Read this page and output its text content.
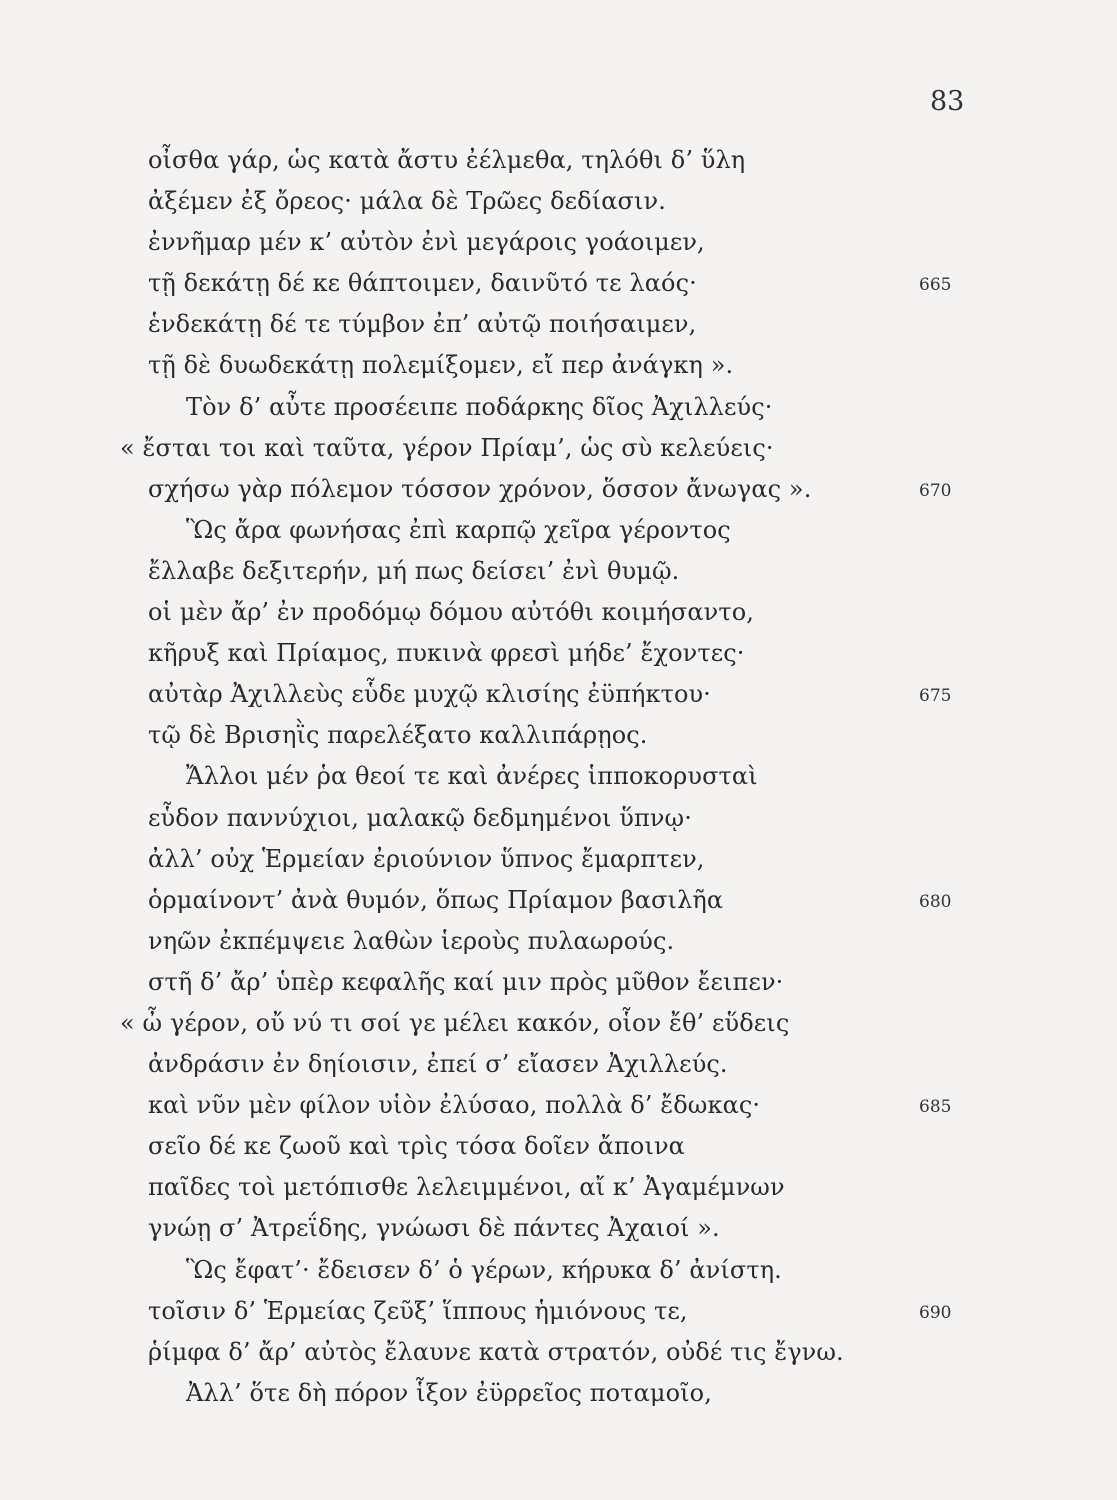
83
οἶσθα γάρ, ὡς κατὰ ἄστυ ἐέλμεθα, τηλόθι δ’ ὕλη
ἀξέμεν ἐξ ὄρεος· μάλα δὲ Τρῶες δεδίασιν.
ἐννῆμαρ μέν κ’ αὐτὸν ἐνὶ μεγάροις γοάοιμεν,
τῇ δεκάτῃ δέ κε θάπτοιμεν, δαινῦτό τε λαός·	665
ἑνδεκάτῃ δέ τε τύμβον ἐπ’ αὐτῷ ποιήσαιμεν,
τῇ δὲ δυωδεκάτῃ πολεμίξομεν, εἴ περ ἀνάγκη ».
Τὸν δ’ αὖτε προσέειπε ποδάρκης δῖος Ἀχιλλεύς·
« ἔσται τοι καὶ ταῦτα, γέρον Πρίαμ’, ὡς σὺ κελεύεις·
σχήσω γὰρ πόλεμον τόσσον χρόνον, ὅσσον ἄνωγας ».	670
Ὣς ἄρα φωνήσας ἐπὶ καρπῷ χεῖρα γέροντος
ἔλλαβε δεξιτερήν, μή πως δείσει’ ἐνὶ θυμῷ.
οἱ μὲν ἄρ’ ἐν προδόμῳ δόμου αὐτόθι κοιμήσαντο,
κῆρυξ καὶ Πρίαμος, πυκινὰ φρεσὶ μήδε’ ἔχοντες·
αὐτὰρ Ἀχιλλεὺς εὗδε μυχῷ κλισίης ἐϋπήκτου·	675
τῷ δὲ Βρισηῒς παρελέξατο καλλιπάρῃος.
Ἄλλοι μέν ῥα θεοί τε καὶ ἀνέρες ἱπποκορυσταὶ
εὗδον παννύχιοι, μαλακῷ δεδμημένοι ὕπνῳ·
ἀλλ’ οὐχ Ἑρμείαν ἐριούνιον ὕπνος ἔμαρπτεν,
ὁρμαίνοντ’ ἀνὰ θυμόν, ὅπως Πρίαμον βασιλῆα	680
νηῶν ἐκπέμψειε λαθὼν ἱεροὺς πυλαωρούς.
στῆ δ’ ἄρ’ ὑπὲρ κεφαλῆς καί μιν πρὸς μῦθον ἔειπεν·
« ὦ γέρον, οὔ νύ τι σοί γε μέλει κακόν, οἷον ἔθ’ εὕδεις
ἀνδράσιν ἐν δηίοισιν, ἐπεί σ’ εἴασεν Ἀχιλλεύς.
καὶ νῦν μὲν φίλον υἱὸν ἐλύσαο, πολλὰ δ’ ἔδωκας·	685
σεῖο δέ κε ζωοῦ καὶ τρὶς τόσα δοῖεν ἄποινα
παῖδες τοὶ μετόπισθε λελειμμένοι, αἴ κ’ Ἀγαμέμνων
γνώῃ σ’ Ἀτρεΐδης, γνώωσι δὲ πάντες Ἀχαιοί ».
Ὣς ἔφατ’· ἔδεισεν δ’ ὁ γέρων, κήρυκα δ’ ἀνίστη.
τοῖσιν δ’ Ἑρμείας ζεῦξ’ ἵππους ἡμιόνους τε,	690
ῥίμφα δ’ ἄρ’ αὐτὸς ἔλαυνε κατὰ στρατόν, οὐδέ τις ἔγνω.
Ἀλλ’ ὅτε δὴ πόρον ἷξον ἐϋρρεῖος ποταμοῖο,
